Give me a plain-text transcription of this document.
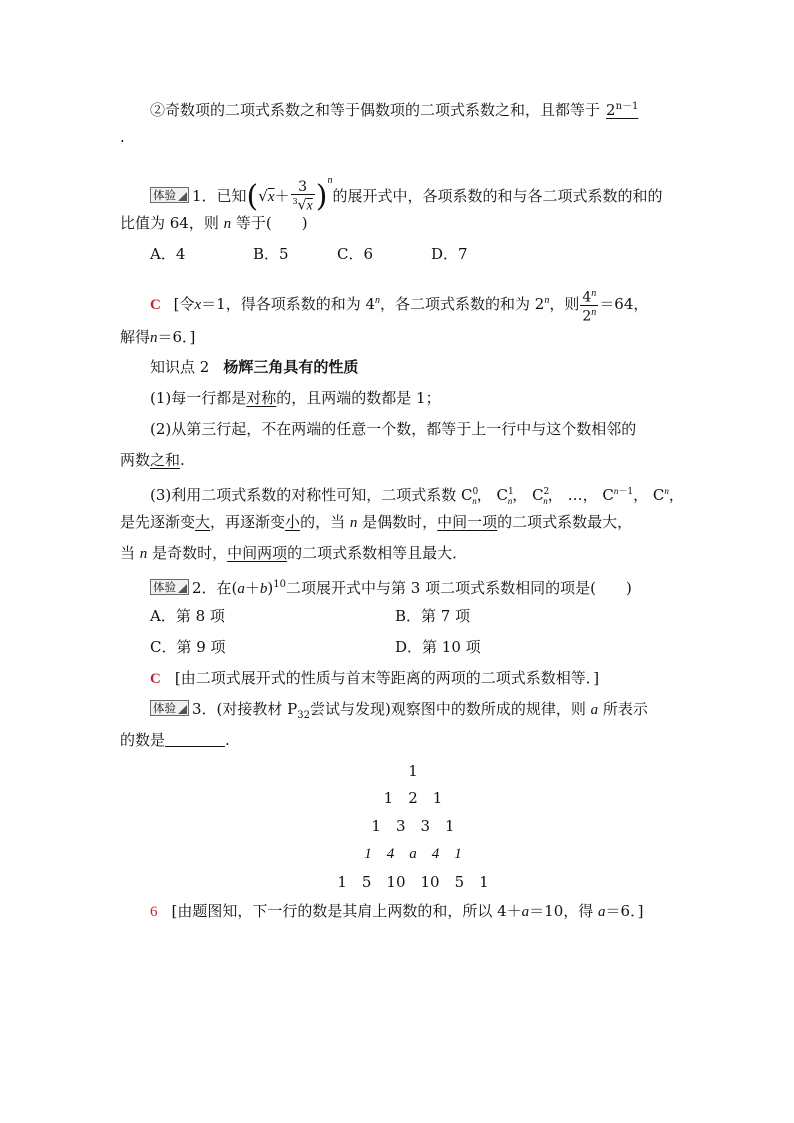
②奇数项的二项式系数之和等于偶数项的二项式系数之和，且都等于 $2^{n-1}$
.
体验 1．已知$(√x+ \frac{3}{^3√x} )^n$的展开式中，各项系数的和与各二项式系数的和的
比值为 64，则 n 等于(　　)
A．4	B．5	C．6	D．7
C [令x＝1，得各项系数的和为 4$^n$，各二项式系数的和为 2$^n$，则 $\frac{4^n}{2^n} =64$，
解得n＝6．]
知识点 2 杨辉三角具有的性质
(1)每一行都是对称的，且两端的数都是 1；
(2)从第三行起，不在两端的任意一个数，都等于上一行中与这个数相邻的
两数之和.
(3)利用二项式系数的对称性可知，二项式系数 $C^0_n$， $C^1_n$， $C^2_n$， …， $C^{n-1}$， $C^n$，
是先逐渐变大，再逐渐变小的，当 n 是偶数时，中间一项的二项式系数最大，
当 n 是奇数时，中间两项的二项式系数相等且最大．
体验 2．在$(a+b)^{10}$二项展开式中与第 3 项二项式系数相同的项是(　　)
A．第 8 项	B．第 7 项
C．第 9 项	D．第 10 项
C [由二项式展开式的性质与首末等距离的两项的二项式系数相等．]
体验 3．(对接教材 $P_{32}$尝试与发现)观察图中的数所成的规律，则 a 所表示
的数是	.
1
1　2　1
1　3　3　1
1　4　a　4　1
1　5　10　10　5　1
6 [由题图知，下一行的数是其肩上两数的和，所以 4＋a＝10，得 a＝6．]
